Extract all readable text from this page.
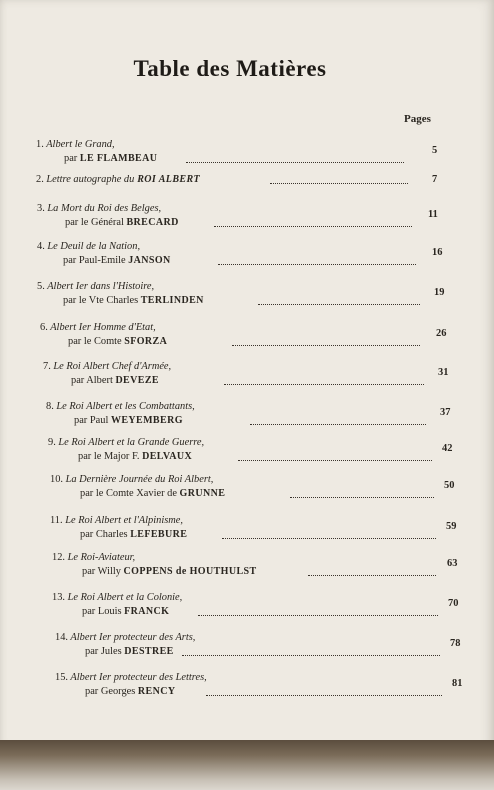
Table des Matières
Pages
1. Albert le Grand,
par LE FLAMBEAU
5
2. Lettre autographe du ROI ALBERT	7
3. La Mort du Roi des Belges,
par le Général BRECARD
11
4. Le Deuil de la Nation,
par Paul-Emile JANSON
16
5. Albert Ier dans l'Histoire,
par le Vte Charles TERLINDEN
19
6. Albert Ier Homme d'Etat,
par le Comte SFORZA
26
7. Le Roi Albert Chef d'Armée,
par Albert DEVEZE
31
8. Le Roi Albert et les Combattants,
par Paul WEYEMBERG
37
9. Le Roi Albert et la Grande Guerre,
par le Major F. DELVAUX
42
10. La Dernière Journée du Roi Albert,
par le Comte Xavier de GRUNNE
50
11. Le Roi Albert et l'Alpinisme,
par Charles LEFEBURE
59
12. Le Roi-Aviateur,
par Willy COPPENS de HOUTHULST
63
13. Le Roi Albert et la Colonie,
par Louis FRANCK
70
14. Albert Ier protecteur des Arts,
par Jules DESTREE
78
15. Albert Ier protecteur des Lettres,
par Georges RENCY
81
